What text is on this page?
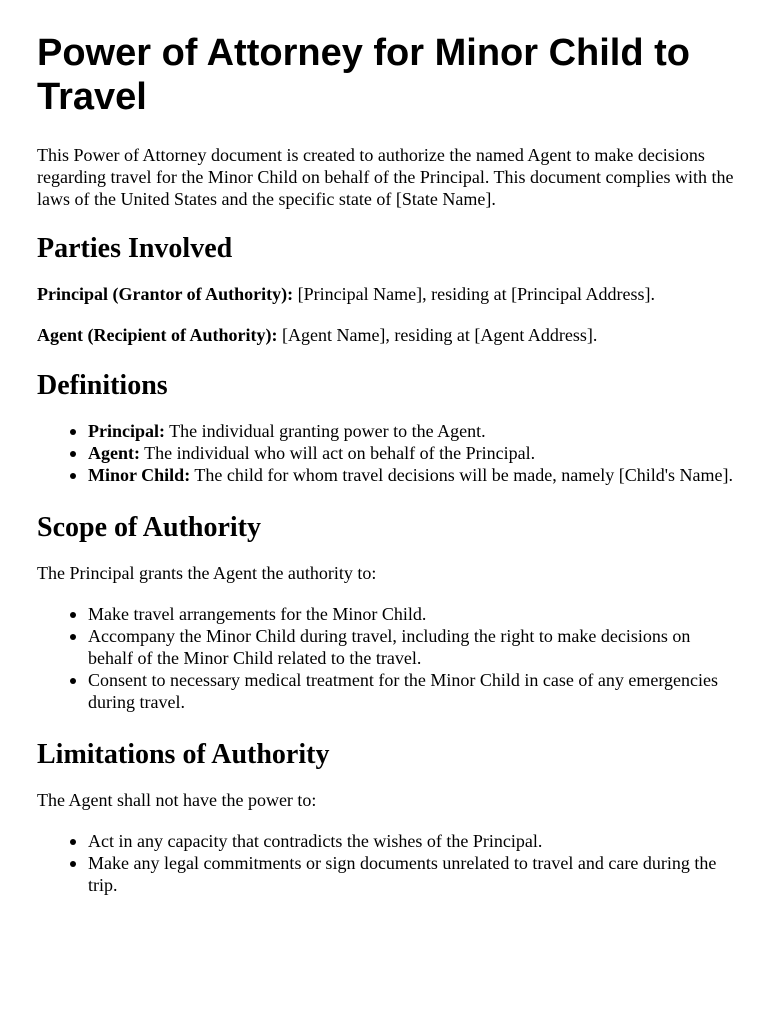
Power of Attorney for Minor Child to Travel

This Power of Attorney document is created to authorize the named Agent to make decisions regarding travel for the Minor Child on behalf of the Principal. This document complies with the laws of the United States and the specific state of [State Name].

Parties Involved

Principal (Grantor of Authority): [Principal Name], residing at [Principal Address].

Agent (Recipient of Authority): [Agent Name], residing at [Agent Address].

Definitions
Principal: The individual granting power to the Agent.
Agent: The individual who will act on behalf of the Principal.
Minor Child: The child for whom travel decisions will be made, namely [Child's Name].
Scope of Authority

The Principal grants the Agent the authority to:

Make travel arrangements for the Minor Child.
Accompany the Minor Child during travel, including the right to make decisions on behalf of the Minor Child related to the travel.
Consent to necessary medical treatment for the Minor Child in case of any emergencies during travel.
Limitations of Authority

The Agent shall not have the power to:

Act in any capacity that contradicts the wishes of the Principal.
Make any legal commitments or sign documents unrelated to travel and care during the trip.
